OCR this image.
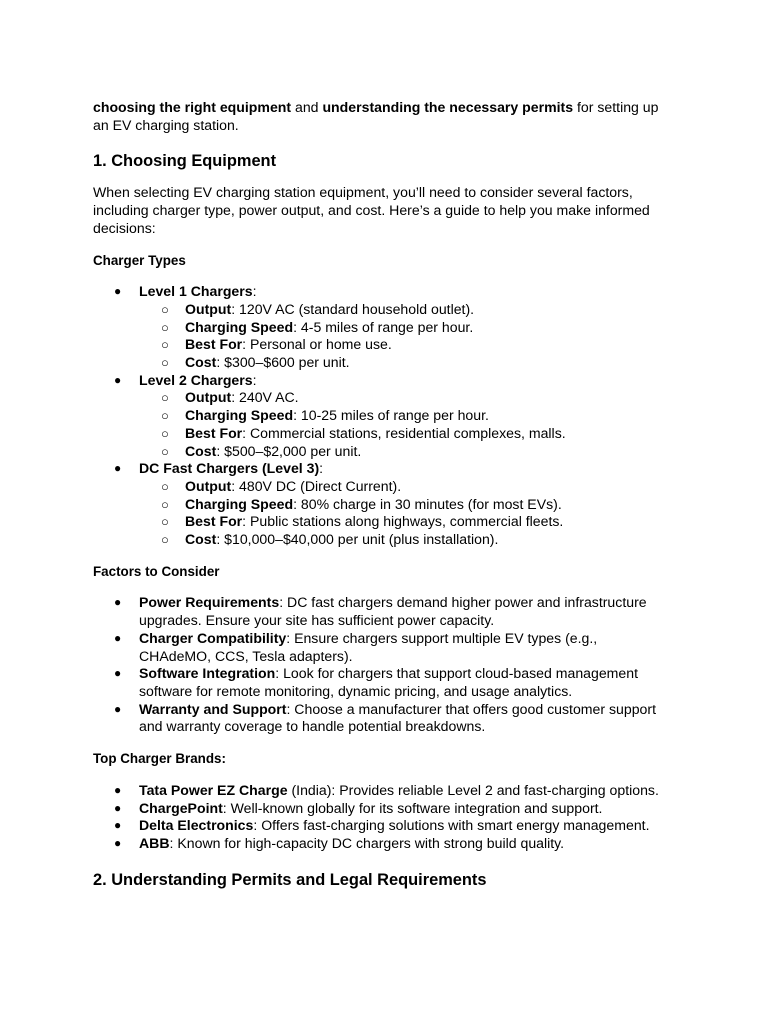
choosing the right equipment and understanding the necessary permits for setting up an EV charging station.

1. Choosing Equipment

When selecting EV charging station equipment, you’ll need to consider several factors, including charger type, power output, and cost. Here’s a guide to help you make informed decisions:

Charger Types
● Level 1 Chargers:
○ Output: 120V AC (standard household outlet).
○ Charging Speed: 4-5 miles of range per hour.
○ Best For: Personal or home use.
○ Cost: $300–$600 per unit.
● Level 2 Chargers:
○ Output: 240V AC.
○ Charging Speed: 10-25 miles of range per hour.
○ Best For: Commercial stations, residential complexes, malls.
○ Cost: $500–$2,000 per unit.
● DC Fast Chargers (Level 3):
○ Output: 480V DC (Direct Current).
○ Charging Speed: 80% charge in 30 minutes (for most EVs).
○ Best For: Public stations along highways, commercial fleets.
○ Cost: $10,000–$40,000 per unit (plus installation).
Factors to Consider
● Power Requirements: DC fast chargers demand higher power and infrastructure upgrades. Ensure your site has sufficient power capacity.
● Charger Compatibility: Ensure chargers support multiple EV types (e.g., CHAdeMO, CCS, Tesla adapters).
● Software Integration: Look for chargers that support cloud-based management software for remote monitoring, dynamic pricing, and usage analytics.
● Warranty and Support: Choose a manufacturer that offers good customer support and warranty coverage to handle potential breakdowns.
Top Charger Brands:
● Tata Power EZ Charge (India): Provides reliable Level 2 and fast-charging options.
● ChargePoint: Well-known globally for its software integration and support.
● Delta Electronics: Offers fast-charging solutions with smart energy management.
● ABB: Known for high-capacity DC chargers with strong build quality.
2. Understanding Permits and Legal Requirements
